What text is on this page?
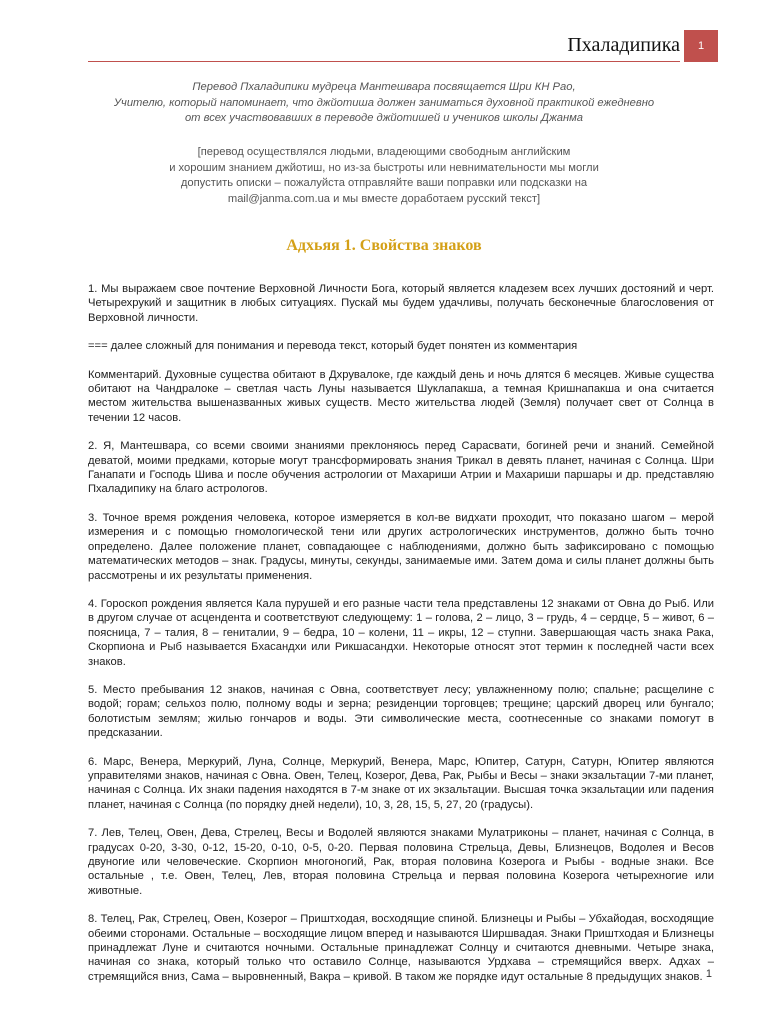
Пхаладипика	1
Перевод Пхаладипики мудреца Мантешвара посвящается Шри КН Рао,
Учителю, который напоминает, что джйотиша должен заниматься духовной практикой ежедневно
от всех участвовавших в переводе джйотишей и учеников школы Джанма
[перевод осуществлялся людьми, владеющими свободным английским
и хорошим знанием джйотиш, но из-за быстроты или невнимательности мы могли
допустить описки – пожалуйста отправляйте ваши поправки или подсказки на
mail@janma.com.ua и мы вместе доработаем русский текст]
Адхьяя 1. Свойства знаков

1. Мы выражаем свое почтение Верховной Личности Бога, который является кладезем всех лучших достояний и черт. Четырехрукий и защитник в любых ситуациях. Пускай мы будем удачливы, получать бесконечные благословения от Верховной личности.

=== далее сложный для понимания и перевода текст, который будет понятен из комментария

Комментарий. Духовные существа обитают в Дхрувалоке, где каждый день и ночь длятся 6 месяцев. Живые существа обитают на Чандралоке – светлая часть Луны называется Шуклапакша, а темная Кришнапакша и она считается местом жительства вышеназванных живых существ. Место жительства людей (Земля) получает свет от Солнца в течении 12 часов.

2. Я, Мантешвара, со всеми своими знаниями преклоняюсь перед Сарасвати, богиней речи и знаний. Семейной деватой, моими предками, которые могут трансформировать знания Трикал в девять планет, начиная с Солнца. Шри Ганапати и Господь Шива и после обучения астрологии от Махариши Атрии и Махариши паршары и др. представляю Пхаладипику на благо астрологов.

3. Точное время рождения человека, которое измеряется в кол-ве видхати проходит, что показано шагом – мерой измерения и с помощью гномологической тени или других астрологических инструментов, должно быть точно определено. Далее положение планет, совпадающее с наблюдениями, должно быть зафиксировано с помощью математических методов – знак. Градусы, минуты, секунды, занимаемые ими. Затем дома и силы планет должны быть рассмотрены и их результаты применения.

4. Гороскоп рождения является Кала пурушей и его разные части тела представлены 12 знаками от Овна до Рыб. Или в другом случае от асцендента и соответствуют следующему: 1 – голова, 2 – лицо, 3 – грудь, 4 – сердце, 5 – живот, 6 – поясница, 7 – талия, 8 – гениталии, 9 – бедра, 10 – колени, 11 – икры, 12 – ступни. Завершающая часть знака Рака, Скорпиона и Рыб называется Бхасандхи или Рикшасандхи. Некоторые относят этот термин к последней части всех знаков.

5. Место пребывания 12 знаков, начиная с Овна, соответствует лесу; увлажненному полю; спальне; расщелине с водой; горам; сельхоз полю, полному воды и зерна; резиденции торговцев; трещине; царский дворец или бунгало; болотистым землям; жилью гончаров и воды. Эти символические места, соотнесенные со знаками помогут в предсказании.

6. Марс, Венера, Меркурий, Луна, Солнце, Меркурий, Венера, Марс, Юпитер, Сатурн, Сатурн, Юпитер являются управителями знаков, начиная с Овна. Овен, Телец, Козерог, Дева, Рак, Рыбы и Весы – знаки экзальтации 7-ми планет, начиная с Солнца. Их знаки падения находятся в 7-м знаке от их экзальтации. Высшая точка экзальтации или падения планет, начиная с Солнца (по порядку дней недели), 10, 3, 28, 15, 5, 27, 20 (градусы).

7. Лев, Телец, Овен, Дева, Стрелец, Весы и Водолей являются знаками Мулатриконы – планет, начиная с Солнца, в градусах 0-20, 3-30, 0-12, 15-20, 0-10, 0-5, 0-20. Первая половина Стрельца, Девы, Близнецов, Водолея и Весов двуногие или человеческие. Скорпион многоногий, Рак, вторая половина Козерога и Рыбы - водные знаки. Все остальные , т.е. Овен, Телец, Лев, вторая половина Стрельца и первая половина Козерога четырехногие или животные.

8. Телец, Рак, Стрелец, Овен, Козерог – Приштходая, восходящие спиной. Близнецы и Рыбы – Убхайодая, восходящие обеими сторонами. Остальные – восходящие лицом вперед и называются Ширшвадая. Знаки Приштходая и Близнецы принадлежат Луне и считаются ночными. Остальные принадлежат Солнцу и считаются дневными. Четыре знака, начиная со знака, который только что оставило Солнце, называются Урдхава – стремящийся вверх. Адхах – стремящийся вниз, Сама – выровненный, Вакра – кривой. В таком же порядке идут остальные 8 предыдущих знаков. 1
